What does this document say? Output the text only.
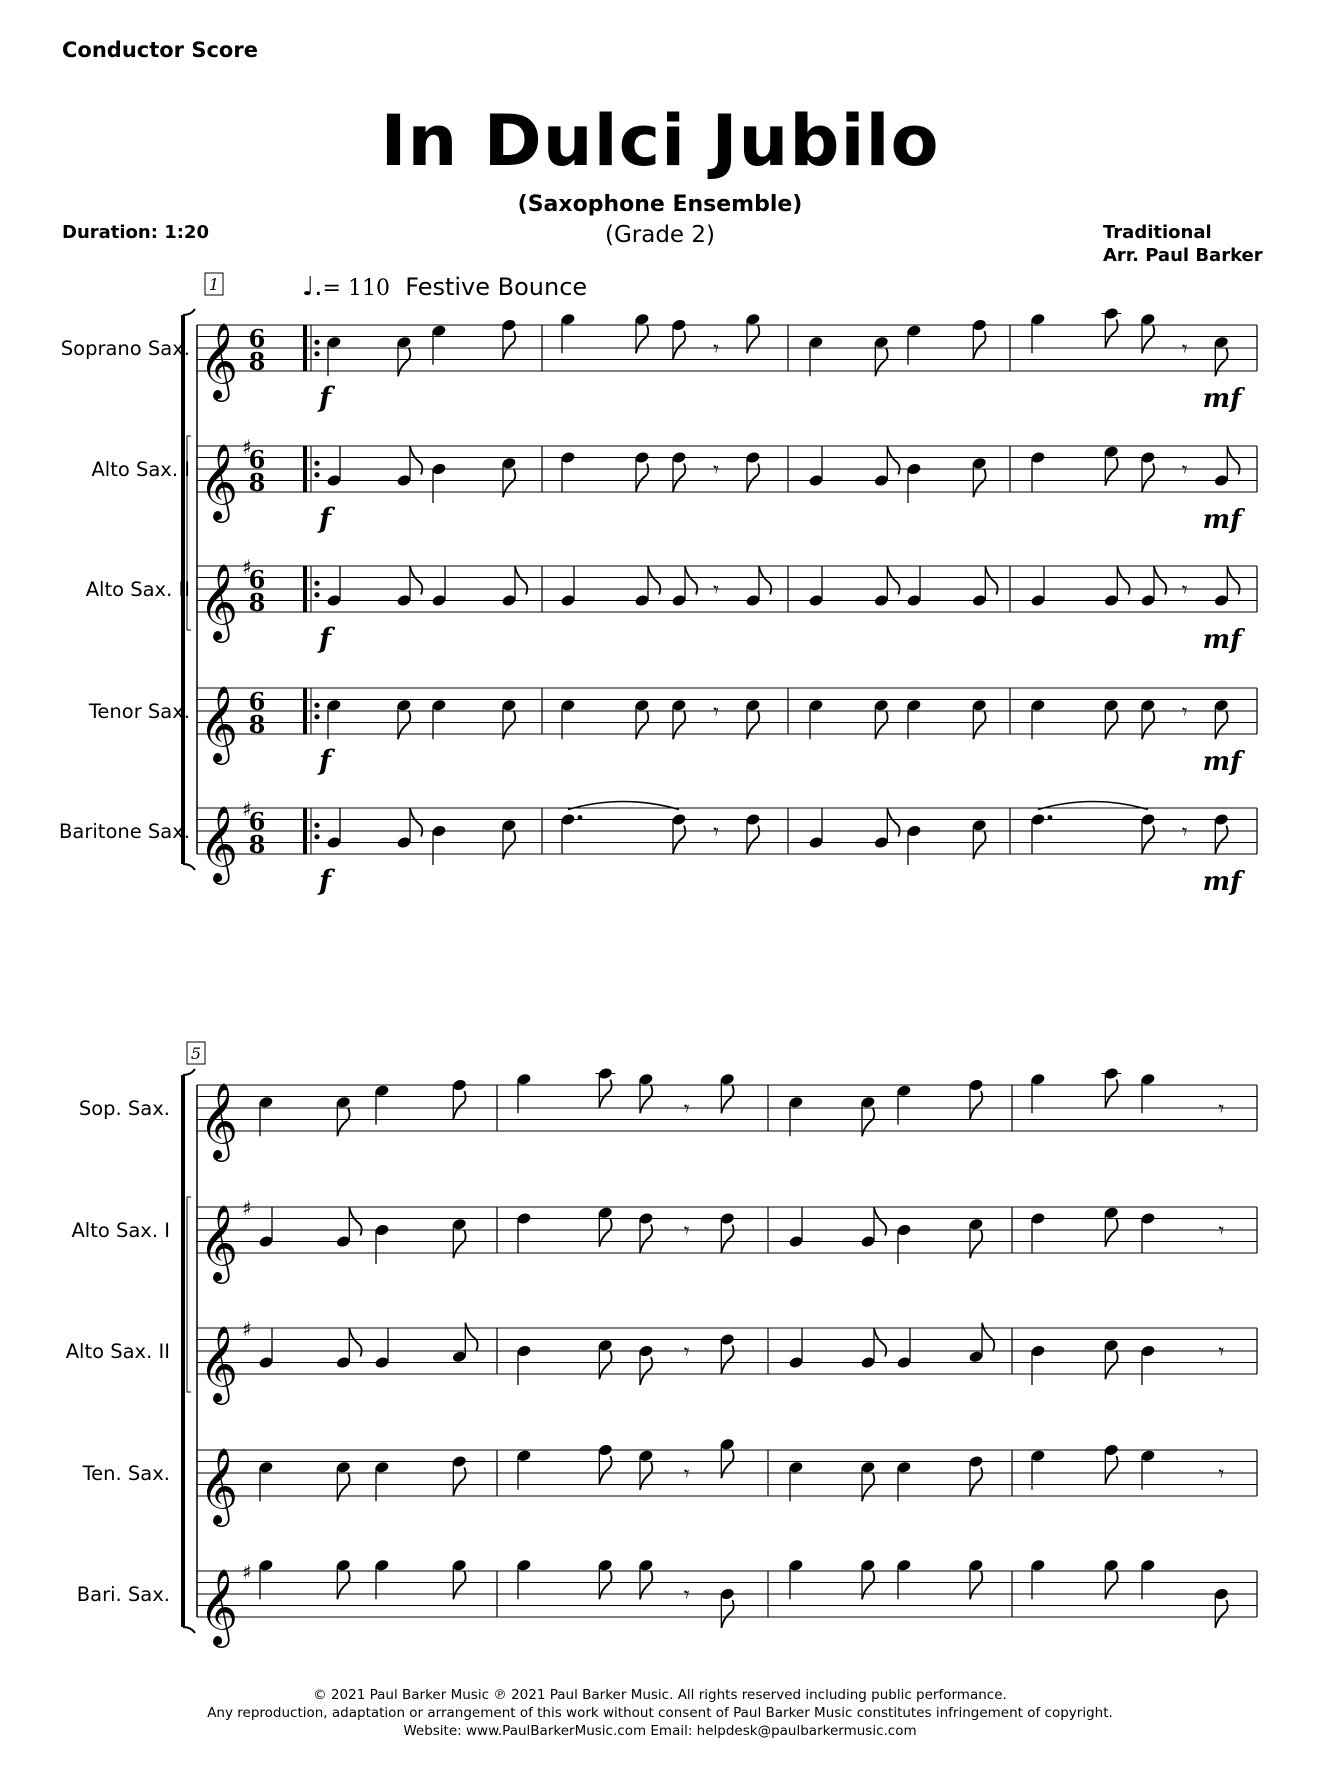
Conductor Score
In Dulci Jubilo
(Saxophone Ensemble)
(Grade 2)
Duration: 1:20	Traditional
Arr. Paul Barker
♩.= 110 Festive Bounce
1
Soprano Sax. 𝄞 6
8
f	mf
𝄾	𝄾
Alto Sax. I 𝄞 ♯
6
8
f	mf
𝄾	𝄾
Alto Sax. II 𝄞 ♯
6
8
f	mf
𝄾	𝄾
Tenor Sax. 𝄞 6
8
f	mf
𝄾	𝄾
Baritone Sax. 𝄞 ♯
6
8
f	mf
𝄾	𝄾
5
Sop. Sax. 𝄞	𝄾	𝄾
Alto Sax. I 𝄞 ♯
𝄾	𝄾
Alto Sax. II 𝄞 ♯
𝄾	𝄾
Ten. Sax. 𝄞	𝄾	𝄾
Bari. Sax. 𝄞 ♯
𝄾
© 2021 Paul Barker Music ℗ 2021 Paul Barker Music. All rights reserved including public performance.
Any reproduction, adaptation or arrangement of this work without consent of Paul Barker Music constitutes infringement of copyright.
Website: www.PaulBarkerMusic.com Email: helpdesk@paulbarkermusic.com
